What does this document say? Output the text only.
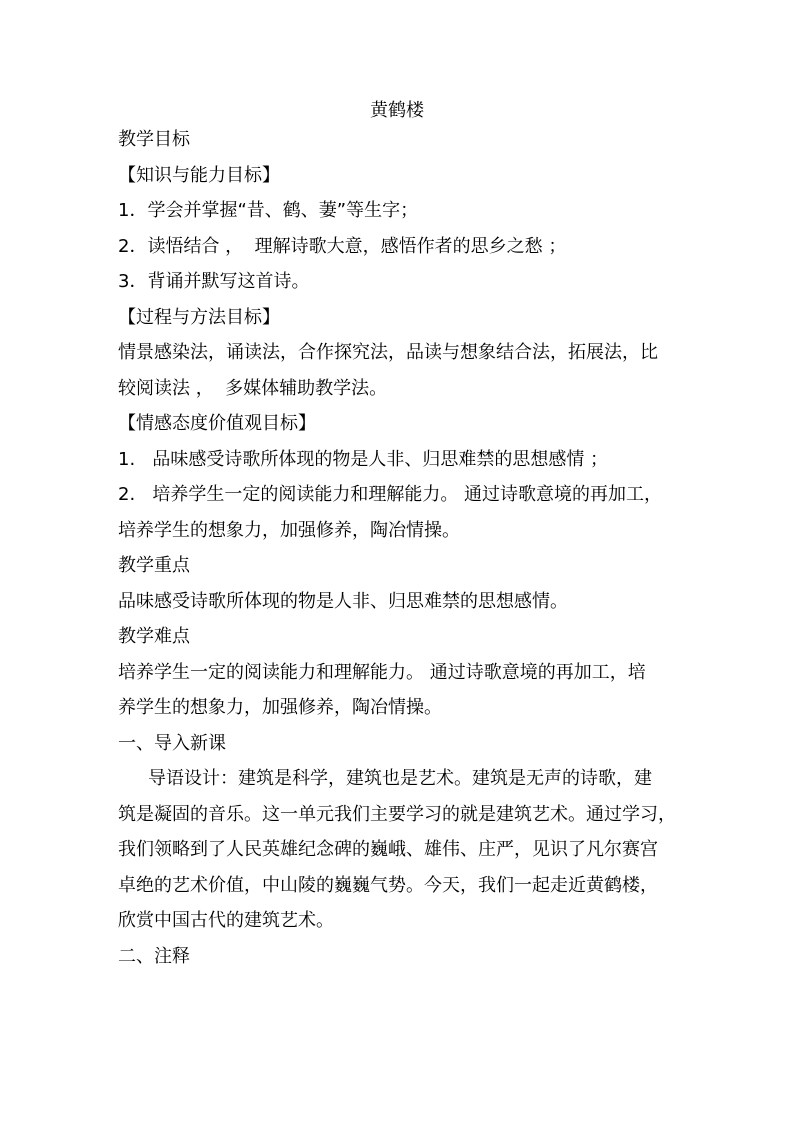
黄鹤楼

教学目标

【知识与能力目标】

1．学会并掌握“昔、鹤、萋”等生字；

2．读悟结合 ，  理解诗歌大意，感悟作者的思乡之愁 ；

3．背诵并默写这首诗。

【过程与方法目标】

情景感染法，诵读法，合作探究法，品读与想象结合法，拓展法，比

较阅读法 ，  多媒体辅助教学法。

【情感态度价值观目标】

1.   品味感受诗歌所体现的物是人非、归思难禁的思想感情 ；

2.   培养学生一定的阅读能力和理解能力。 通过诗歌意境的再加工，

培养学生的想象力，加强修养，陶冶情操。

教学重点

品味感受诗歌所体现的物是人非、归思难禁的思想感情。

教学难点

培养学生一定的阅读能力和理解能力。 通过诗歌意境的再加工，培

养学生的想象力，加强修养，陶冶情操。

一、导入新课

导语设计：建筑是科学，建筑也是艺术。建筑是无声的诗歌，建

筑是凝固的音乐。这一单元我们主要学习的就是建筑艺术。通过学习，

我们领略到了人民英雄纪念碑的巍峨、雄伟、庄严，见识了凡尔赛宫

卓绝的艺术价值，中山陵的巍巍气势。今天，我们一起走近黄鹤楼，

欣赏中国古代的建筑艺术。

二、注释
